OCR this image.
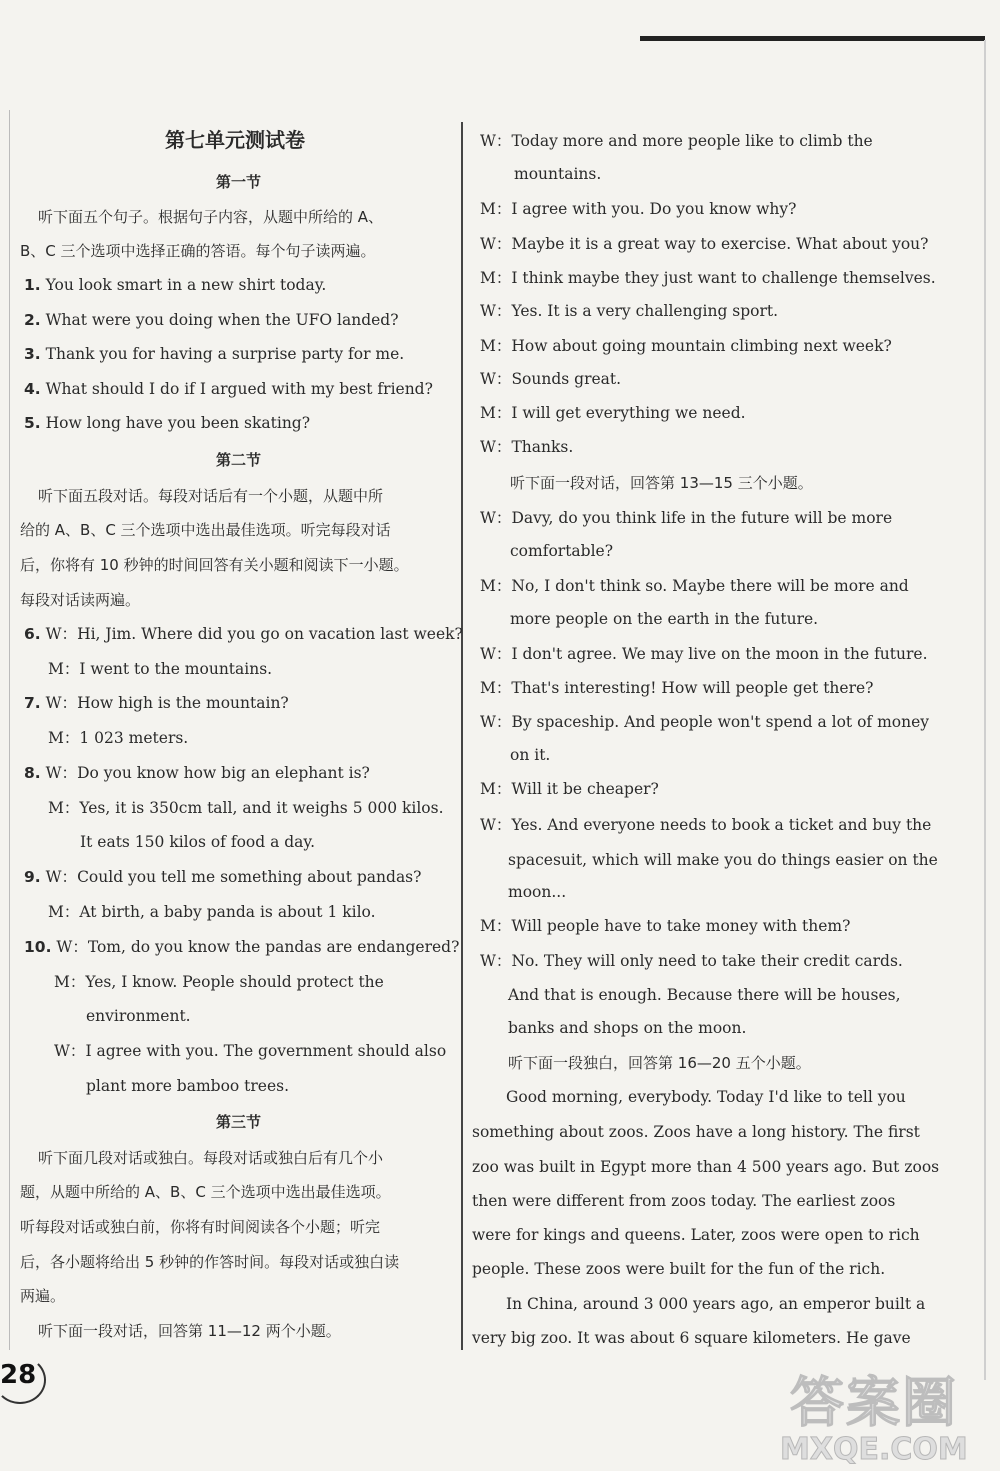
第七单元测试卷
第一节
听下面五个句子。根据句子内容，从题中所给的 A、
B、C 三个选项中选择正确的答语。每个句子读两遍。
1. You look smart in a new shirt today.
2. What were you doing when the UFO landed?
3. Thank you for having a surprise party for me.
4. What should I do if I argued with my best friend?
5. How long have you been skating?
第二节
听下面五段对话。每段对话后有一个小题，从题中所
给的 A、B、C 三个选项中选出最佳选项。听完每段对话
后，你将有 10 秒钟的时间回答有关小题和阅读下一小题。
每段对话读两遍。
6. W：Hi, Jim. Where did you go on vacation last week?
M：I went to the mountains.
7. W：How high is the mountain?
M：1 023 meters.
8. W：Do you know how big an elephant is?
M：Yes, it is 350cm tall, and it weighs 5 000 kilos.
It eats 150 kilos of food a day.
9. W：Could you tell me something about pandas?
M：At birth, a baby panda is about 1 kilo.
10. W：Tom, do you know the pandas are endangered?
M：Yes, I know. People should protect the
environment.
W：I agree with you. The government should also
plant more bamboo trees.
第三节
听下面几段对话或独白。每段对话或独白后有几个小
题，从题中所给的 A、B、C 三个选项中选出最佳选项。
听每段对话或独白前，你将有时间阅读各个小题；听完
后，各小题将给出 5 秒钟的作答时间。每段对话或独白读
两遍。
听下面一段对话，回答第 11—12 两个小题。
W：Today more and more people like to climb the
mountains.
M：I agree with you. Do you know why?
W：Maybe it is a great way to exercise. What about you?
M：I think maybe they just want to challenge themselves.
W：Yes. It is a very challenging sport.
M：How about going mountain climbing next week?
W：Sounds great.
M：I will get everything we need.
W：Thanks.
听下面一段对话，回答第 13—15 三个小题。
W：Davy, do you think life in the future will be more
comfortable?
M：No, I don't think so. Maybe there will be more and
more people on the earth in the future.
W：I don't agree. We may live on the moon in the future.
M：That's interesting! How will people get there?
W：By spaceship. And people won't spend a lot of money
on it.
M：Will it be cheaper?
W：Yes. And everyone needs to book a ticket and buy the
spacesuit, which will make you do things easier on the
moon...
M：Will people have to take money with them?
W：No. They will only need to take their credit cards.
And that is enough. Because there will be houses,
banks and shops on the moon.
听下面一段独白，回答第 16—20 五个小题。
Good morning, everybody. Today I'd like to tell you
something about zoos. Zoos have a long history. The first
zoo was built in Egypt more than 4 500 years ago. But zoos
then were different from zoos today. The earliest zoos
were for kings and queens. Later, zoos were open to rich
people. These zoos were built for the fun of the rich.
In China, around 3 000 years ago, an emperor built a
very big zoo. It was about 6 square kilometers. He gave
28	答案圈
MXQE.COM
